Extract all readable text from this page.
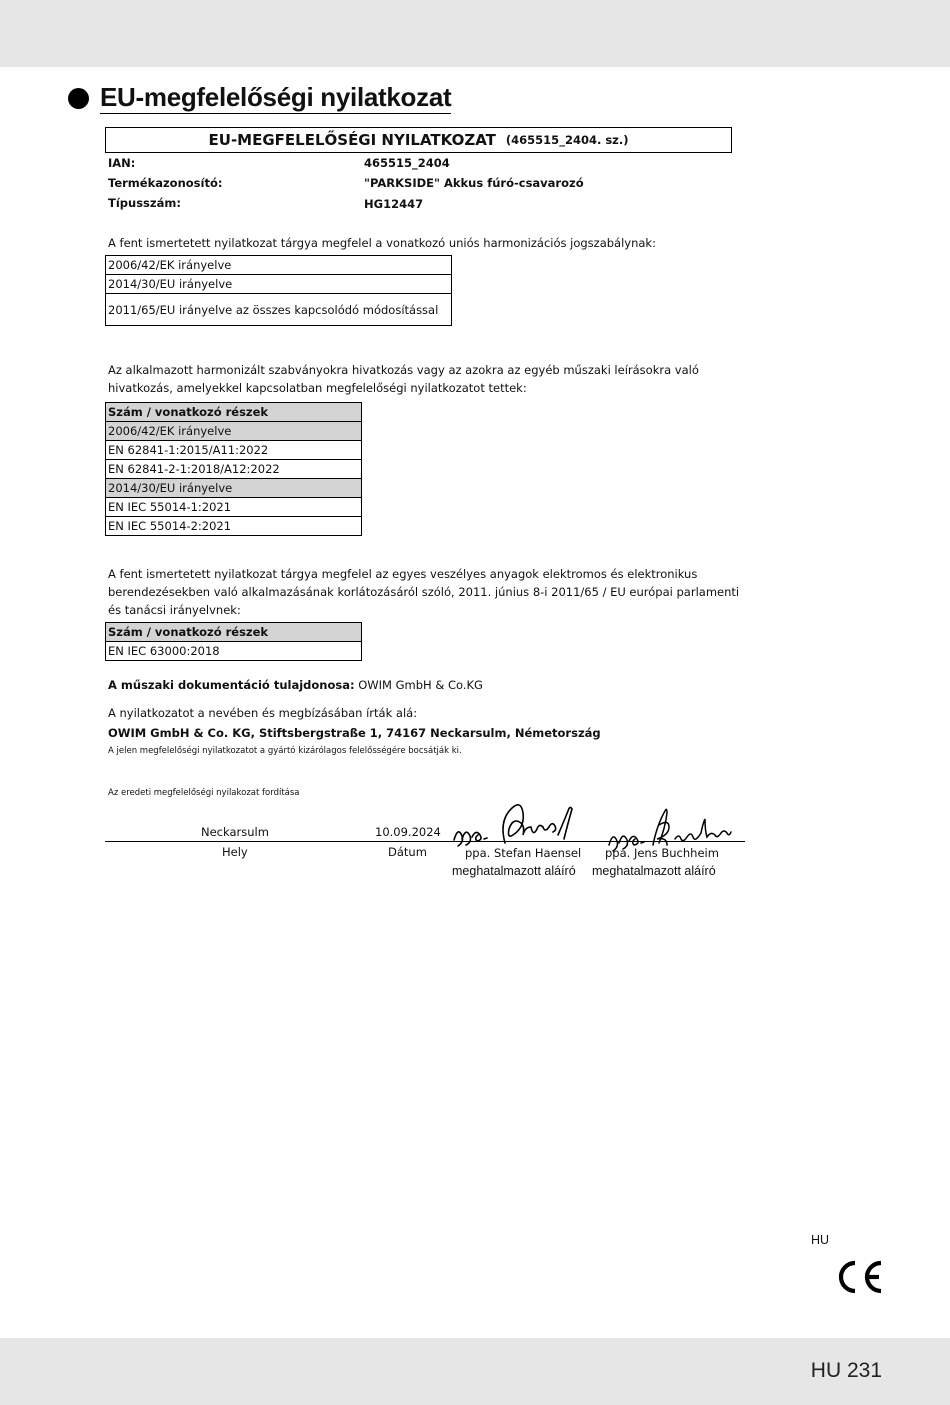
EU-megfelelőségi nyilatkozat
EU-MEGFELELŐSÉGI NYILATKOZAT (465515_2404. sz.)
IAN:	465515_2404
Termékazonosító:	"PARKSIDE" Akkus fúró-csavarozó
Típusszám:	HG12447
A fent ismertetett nyilatkozat tárgya megfelel a vonatkozó uniós harmonizációs jogszabálynak:
2006/42/EK irányelve
2014/30/EU irányelve
2011/65/EU irányelve az összes kapcsolódó módosítással
Az alkalmazott harmonizált szabványokra hivatkozás vagy az azokra az egyéb műszaki leírásokra való
hivatkozás, amelyekkel kapcsolatban megfelelőségi nyilatkozatot tettek:
Szám / vonatkozó részek
2006/42/EK irányelve
EN 62841-1:2015/A11:2022
EN 62841-2-1:2018/A12:2022
2014/30/EU irányelve
EN IEC 55014-1:2021
EN IEC 55014-2:2021
A fent ismertetett nyilatkozat tárgya megfelel az egyes veszélyes anyagok elektromos és elektronikus
berendezésekben való alkalmazásának korlátozásáról szóló, 2011. június 8-i 2011/65 / EU európai parlamenti
és tanácsi irányelvnek:
Szám / vonatkozó részek
EN IEC 63000:2018
A műszaki dokumentáció tulajdonosa: OWIM GmbH & Co.KG
A nyilatkozatot a nevében és megbízásában írták alá:
OWIM GmbH & Co. KG, Stiftsbergstraße 1, 74167 Neckarsulm, Németország
A jelen megfelelőségi nyilatkozatot a gyártó kizárólagos felelősségére bocsátják ki.
Az eredeti megfelelőségi nyilakozat fordítása
Neckarsulm	10.09.2024
Hely	Dátum	ppa. Stefan Haensel ppa. Jens Buchheim
meghatalmazott aláíró meghatalmazott aláíró
HU
HU 231
